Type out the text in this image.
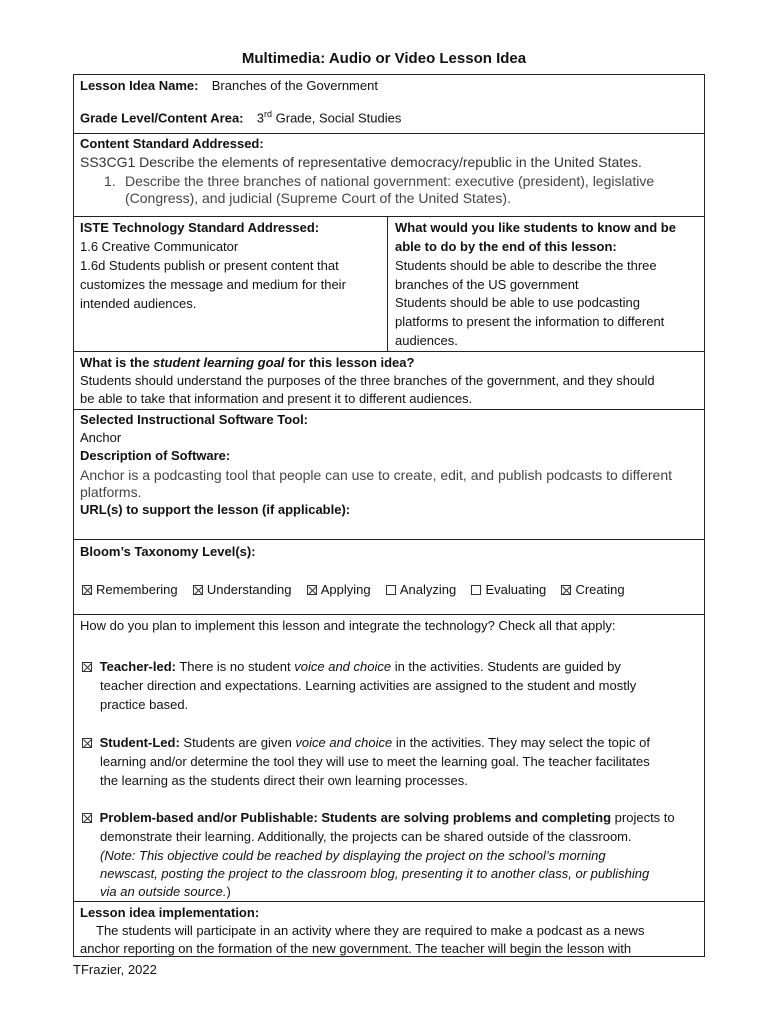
Multimedia: Audio or Video Lesson Idea
Lesson Idea Name: Branches of the Government
Grade Level/Content Area: 3rd Grade, Social Studies
Content Standard Addressed:
SS3CG1 Describe the elements of representative democracy/republic in the United States.
1. Describe the three branches of national government: executive (president), legislative
(Congress), and judicial (Supreme Court of the United States).
ISTE Technology Standard Addressed:
1.6 Creative Communicator
1.6d Students publish or present content that
customizes the message and medium for their
intended audiences.
What would you like students to know and be
able to do by the end of this lesson:
Students should be able to describe the three
branches of the US government
Students should be able to use podcasting
platforms to present the information to different
audiences.
What is the student learning goal for this lesson idea?
Students should understand the purposes of the three branches of the government, and they should
be able to take that information and present it to different audiences.
Selected Instructional Software Tool:
Anchor
Description of Software:
Anchor is a podcasting tool that people can use to create, edit, and publish podcasts to different
platforms.
URL(s) to support the lesson (if applicable):
Bloom’s Taxonomy Level(s):
Remembering Understanding Applying Analyzing Evaluating Creating
How do you plan to implement this lesson and integrate the technology? Check all that apply:
Teacher-led: There is no student voice and choice in the activities. Students are guided by
teacher direction and expectations. Learning activities are assigned to the student and mostly
practice based.
Student-Led: Students are given voice and choice in the activities. They may select the topic of
learning and/or determine the tool they will use to meet the learning goal. The teacher facilitates
the learning as the students direct their own learning processes.
Problem-based and/or Publishable: Students are solving problems and completing projects to
demonstrate their learning. Additionally, the projects can be shared outside of the classroom.
(Note: This objective could be reached by displaying the project on the school’s morning
newscast, posting the project to the classroom blog, presenting it to another class, or publishing
via an outside source.)
Lesson idea implementation:
The students will participate in an activity where they are required to make a podcast as a news
anchor reporting on the formation of the new government. The teacher will begin the lesson with
TFrazier, 2022
